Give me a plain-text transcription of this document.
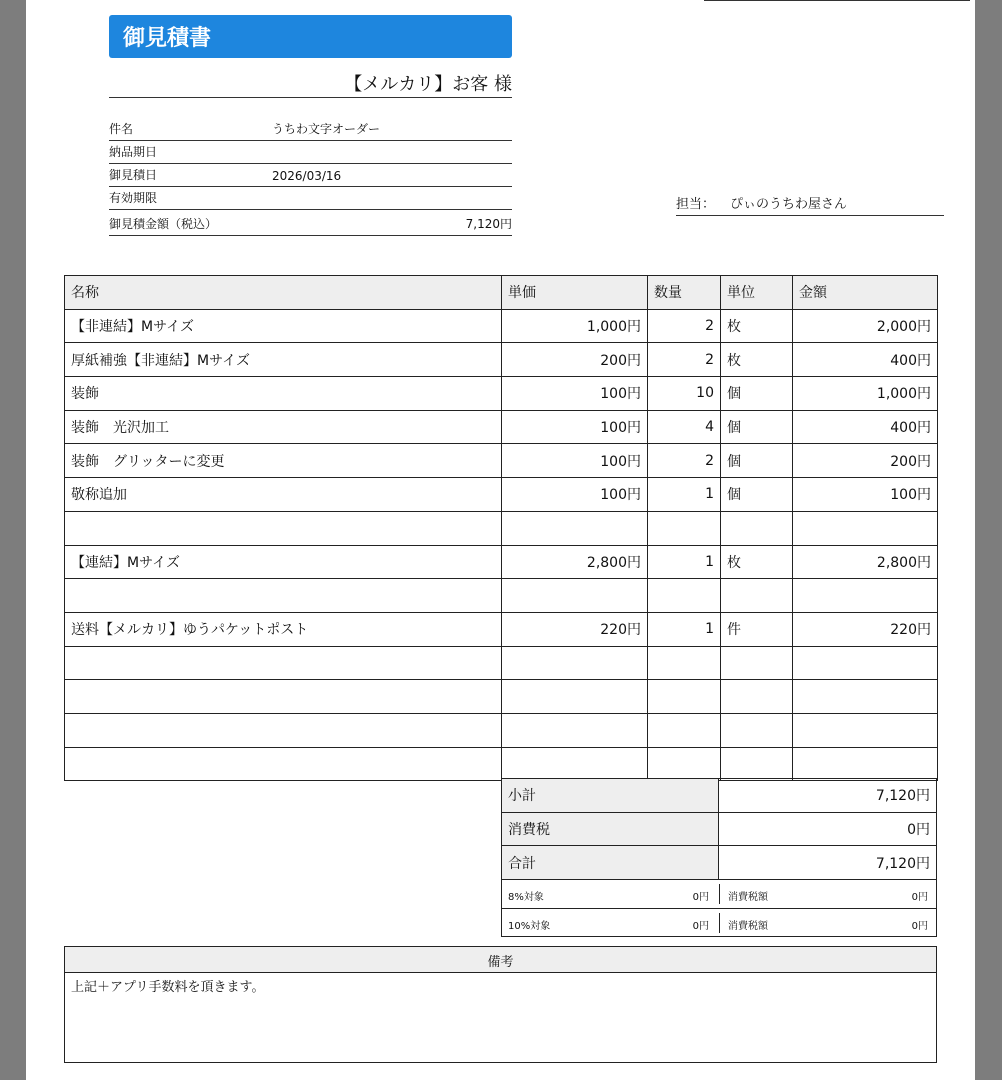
御見積書
【メルカリ】お客 様
件名	うちわ文字オーダー
納品期日
御見積日	2026/03/16
有効期限
御見積金額（税込）	7,120円
担当： ぴぃのうちわ屋さん
名称	単価	数量	単位	金額
【非連結】Mサイズ	1,000円	2	枚	2,000円
厚紙補強【非連結】Mサイズ	200円	2	枚	400円
装飾	100円	10	個	1,000円
装飾　光沢加工	100円	4	個	400円
装飾　グリッターに変更	100円	2	個	200円
敬称追加	100円	1	個	100円

【連結】Mサイズ	2,800円	1	枚	2,800円

送料【メルカリ】ゆうパケットポスト	220円	1	件	220円

小計	7,120円
消費税	0円
合計	7,120円
8%対象	0円 消費税額	0円
10%対象	0円 消費税額	0円
備考
上記＋アプリ手数料を頂きます。
